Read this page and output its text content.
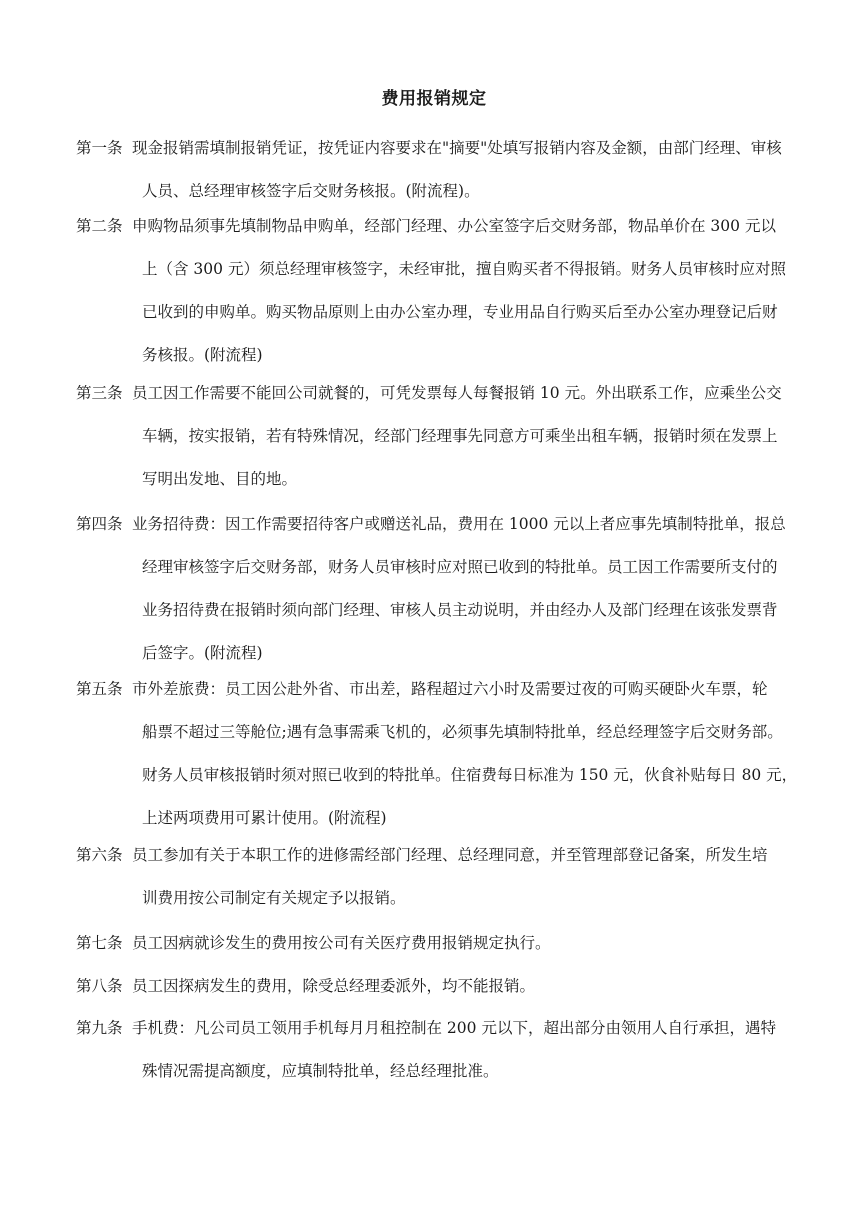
费用报销规定
第一条 现金报销需填制报销凭证，按凭证内容要求在"摘要"处填写报销内容及金额，由部门经理、审核
人员、总经理审核签字后交财务核报。(附流程)。
第二条 申购物品须事先填制物品申购单，经部门经理、办公室签字后交财务部，物品单价在 300 元以
上（含 300 元）须总经理审核签字，未经审批，擅自购买者不得报销。财务人员审核时应对照
已收到的申购单。购买物品原则上由办公室办理，专业用品自行购买后至办公室办理登记后财
务核报。(附流程)
第三条 员工因工作需要不能回公司就餐的，可凭发票每人每餐报销 10 元。外出联系工作，应乘坐公交
车辆，按实报销，若有特殊情况，经部门经理事先同意方可乘坐出租车辆，报销时须在发票上
写明出发地、目的地。
第四条 业务招待费：因工作需要招待客户或赠送礼品，费用在 1000 元以上者应事先填制特批单，报总
经理审核签字后交财务部，财务人员审核时应对照已收到的特批单。员工因工作需要所支付的
业务招待费在报销时须向部门经理、审核人员主动说明，并由经办人及部门经理在该张发票背
后签字。(附流程)
第五条 市外差旅费：员工因公赴外省、市出差，路程超过六小时及需要过夜的可购买硬卧火车票，轮
船票不超过三等舱位;遇有急事需乘飞机的，必须事先填制特批单，经总经理签字后交财务部。
财务人员审核报销时须对照已收到的特批单。住宿费每日标准为 150 元，伙食补贴每日 80 元，
上述两项费用可累计使用。(附流程)
第六条 员工参加有关于本职工作的进修需经部门经理、总经理同意，并至管理部登记备案，所发生培
训费用按公司制定有关规定予以报销。
第七条 员工因病就诊发生的费用按公司有关医疗费用报销规定执行。
第八条 员工因探病发生的费用，除受总经理委派外，均不能报销。
第九条 手机费：凡公司员工领用手机每月月租控制在 200 元以下，超出部分由领用人自行承担，遇特
殊情况需提高额度，应填制特批单，经总经理批准。
